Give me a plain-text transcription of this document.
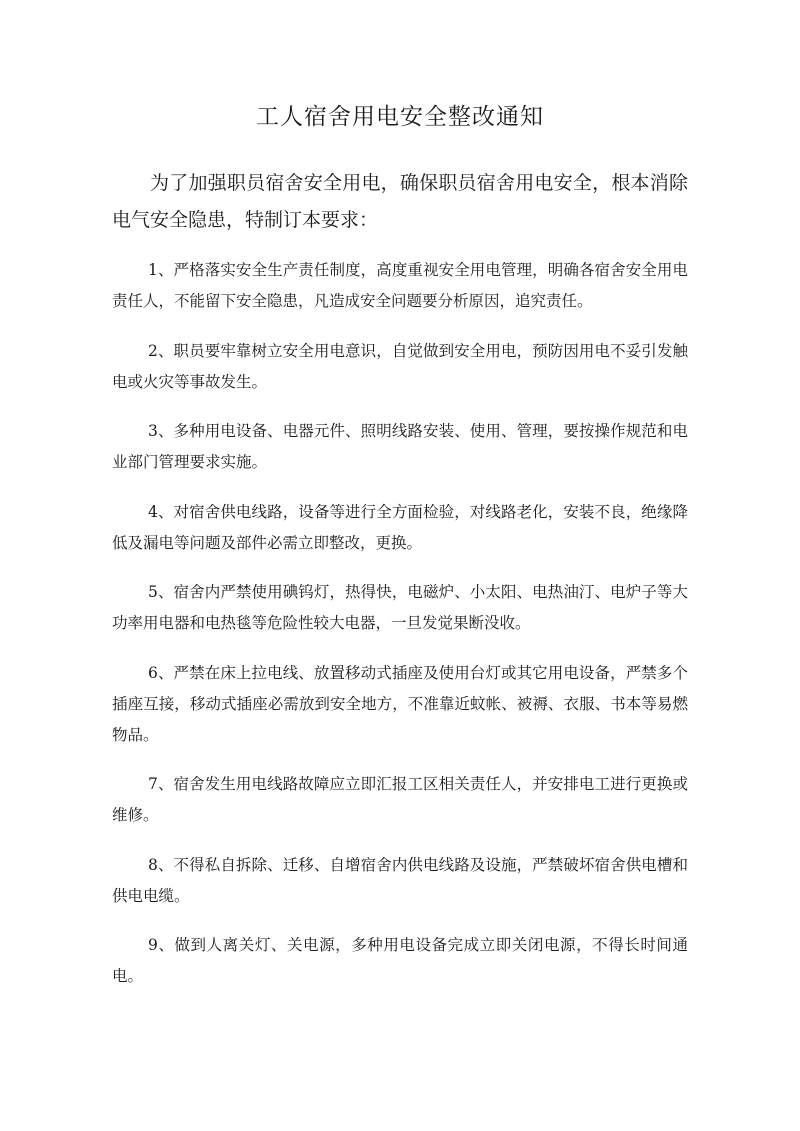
工人宿舍用电安全整改通知
为了加强职员宿舍安全用电，确保职员宿舍用电安全，根本消除电气安全隐患，特制订本要求：
1、严格落实安全生产责任制度，高度重视安全用电管理，明确各宿舍安全用电责任人，不能留下安全隐患，凡造成安全问题要分析原因，追究责任。
2、职员要牢靠树立安全用电意识，自觉做到安全用电，预防因用电不妥引发触电或火灾等事故发生。
3、多种用电设备、电器元件、照明线路安装、使用、管理，要按操作规范和电业部门管理要求实施。
4、对宿舍供电线路，设备等进行全方面检验，对线路老化，安装不良，绝缘降低及漏电等问题及部件必需立即整改，更换。
5、宿舍内严禁使用碘钨灯，热得快，电磁炉、小太阳、电热油汀、电炉子等大功率用电器和电热毯等危险性较大电器，一旦发觉果断没收。
6、严禁在床上拉电线、放置移动式插座及使用台灯或其它用电设备，严禁多个插座互接，移动式插座必需放到安全地方，不准靠近蚊帐、被褥、衣服、书本等易燃物品。
7、宿舍发生用电线路故障应立即汇报工区相关责任人，并安排电工进行更换或维修。
8、不得私自拆除、迁移、自增宿舍内供电线路及设施，严禁破坏宿舍供电槽和供电电缆。
9、做到人离关灯、关电源，多种用电设备完成立即关闭电源，不得长时间通电。
